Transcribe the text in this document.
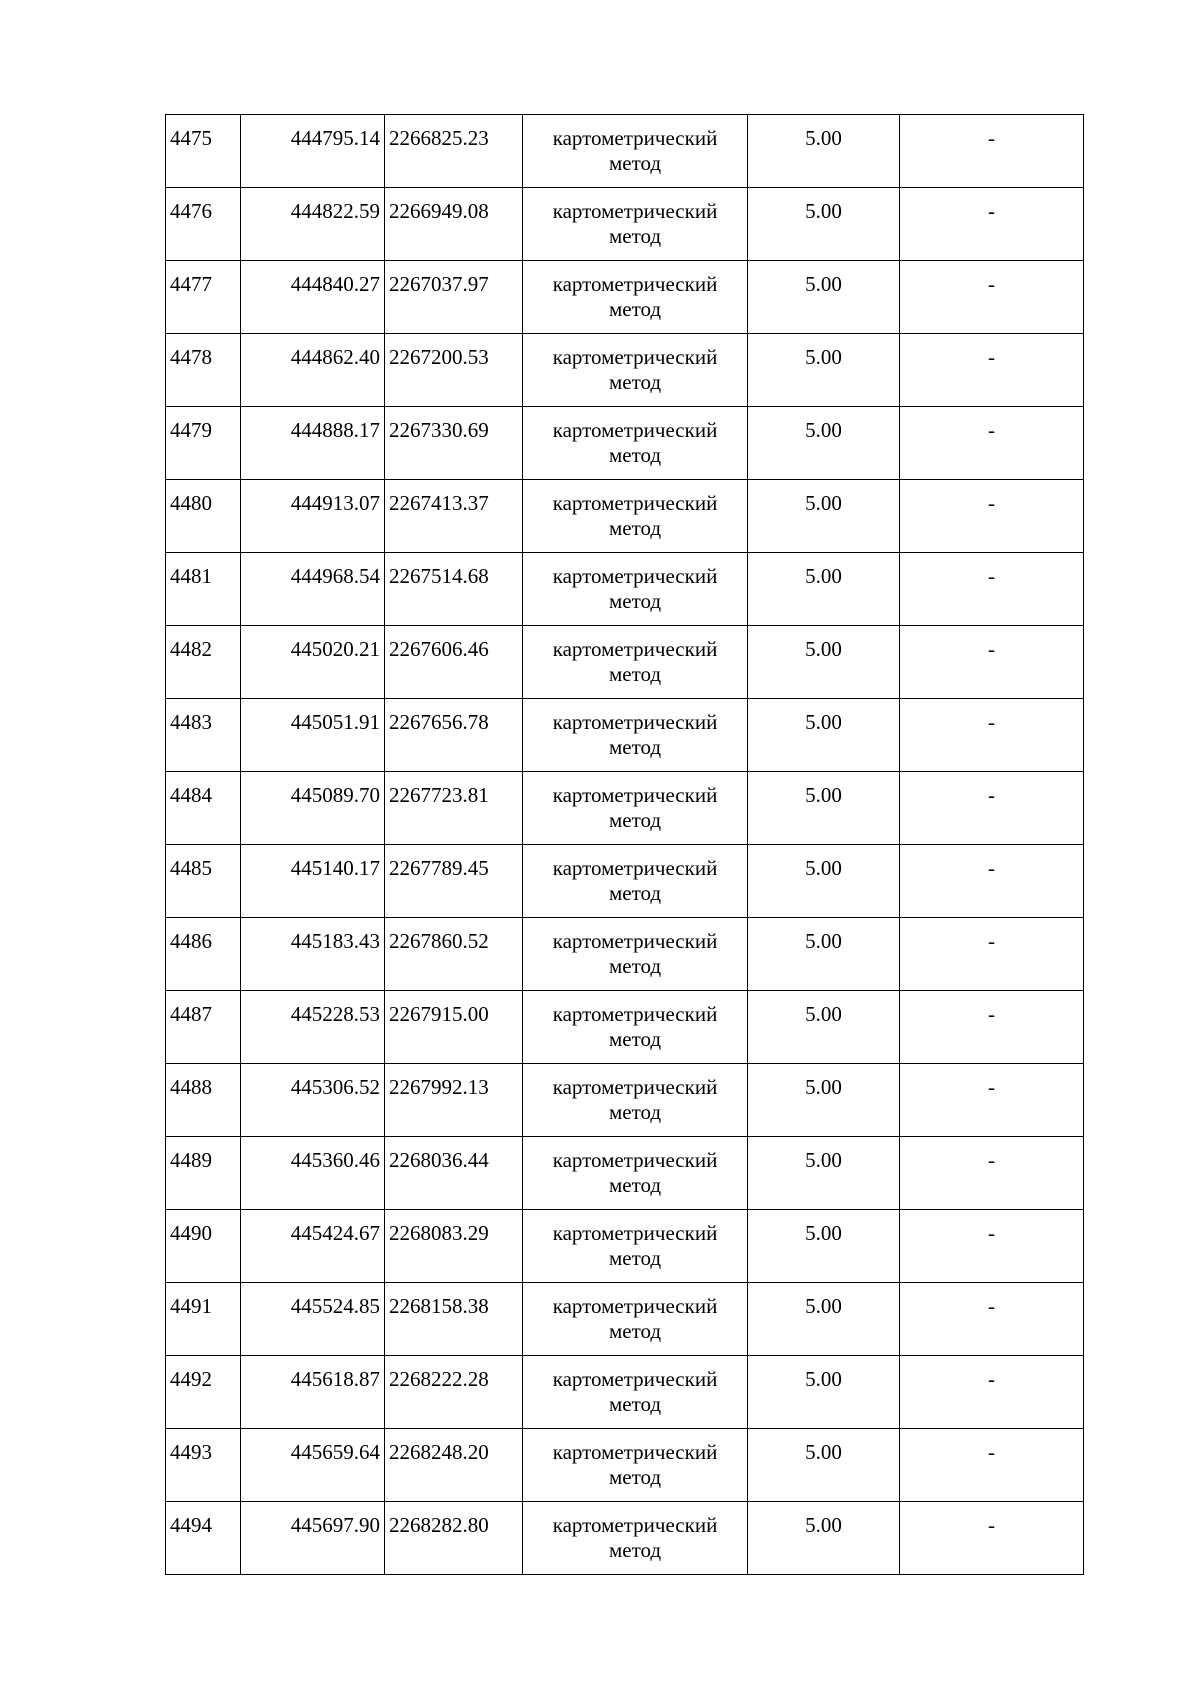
4475	444795.14	2266825.23	картометрический
метод	5.00	-
4476	444822.59	2266949.08	картометрический
метод	5.00	-
4477	444840.27	2267037.97	картометрический
метод	5.00	-
4478	444862.40	2267200.53	картометрический
метод	5.00	-
4479	444888.17	2267330.69	картометрический
метод	5.00	-
4480	444913.07	2267413.37	картометрический
метод	5.00	-
4481	444968.54	2267514.68	картометрический
метод	5.00	-
4482	445020.21	2267606.46	картометрический
метод	5.00	-
4483	445051.91	2267656.78	картометрический
метод	5.00	-
4484	445089.70	2267723.81	картометрический
метод	5.00	-
4485	445140.17	2267789.45	картометрический
метод	5.00	-
4486	445183.43	2267860.52	картометрический
метод	5.00	-
4487	445228.53	2267915.00	картометрический
метод	5.00	-
4488	445306.52	2267992.13	картометрический
метод	5.00	-
4489	445360.46	2268036.44	картометрический
метод	5.00	-
4490	445424.67	2268083.29	картометрический
метод	5.00	-
4491	445524.85	2268158.38	картометрический
метод	5.00	-
4492	445618.87	2268222.28	картометрический
метод	5.00	-
4493	445659.64	2268248.20	картометрический
метод	5.00	-
4494	445697.90	2268282.80	картометрический
метод	5.00	-
